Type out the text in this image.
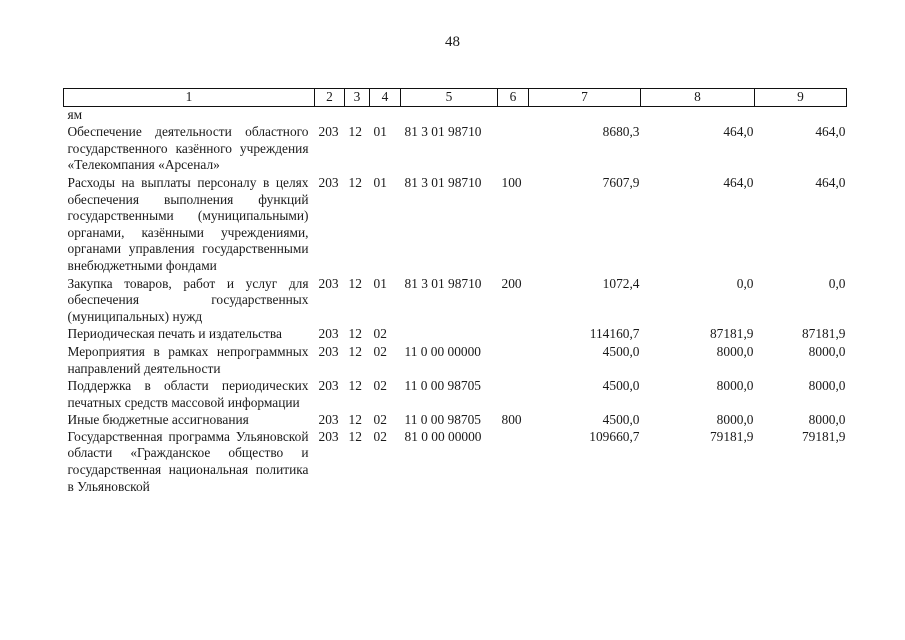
48
1	2	3	4	5	6	7	8	9
ям								
Обеспечение деятельности областного государственного казённого учреждения «Телекомпания «Арсенал»	203	12	01	81 3 01 98710		8680,3	464,0	464,0
Расходы на выплаты персоналу в целях обеспечения выполнения функций государственными (муниципальными) органами, казёнными учреждениями, органами управления государственными внебюджетными фондами	203	12	01	81 3 01 98710	100	7607,9	464,0	464,0
Закупка товаров, работ и услуг для обеспечения государственных (муниципальных) нужд	203	12	01	81 3 01 98710	200	1072,4	0,0	0,0
Периодическая печать и издательства	203	12	02			114160,7	87181,9	87181,9
Мероприятия в рамках непрограммных направлений деятельности	203	12	02	11 0 00 00000		4500,0	8000,0	8000,0
Поддержка в области периодических печатных средств массовой информации	203	12	02	11 0 00 98705		4500,0	8000,0	8000,0
Иные бюджетные ассигнования	203	12	02	11 0 00 98705	800	4500,0	8000,0	8000,0
Государственная программа Ульяновской области «Гражданское общество и государственная национальная политика в Ульяновской	203	12	02	81 0 00 00000		109660,7	79181,9	79181,9
